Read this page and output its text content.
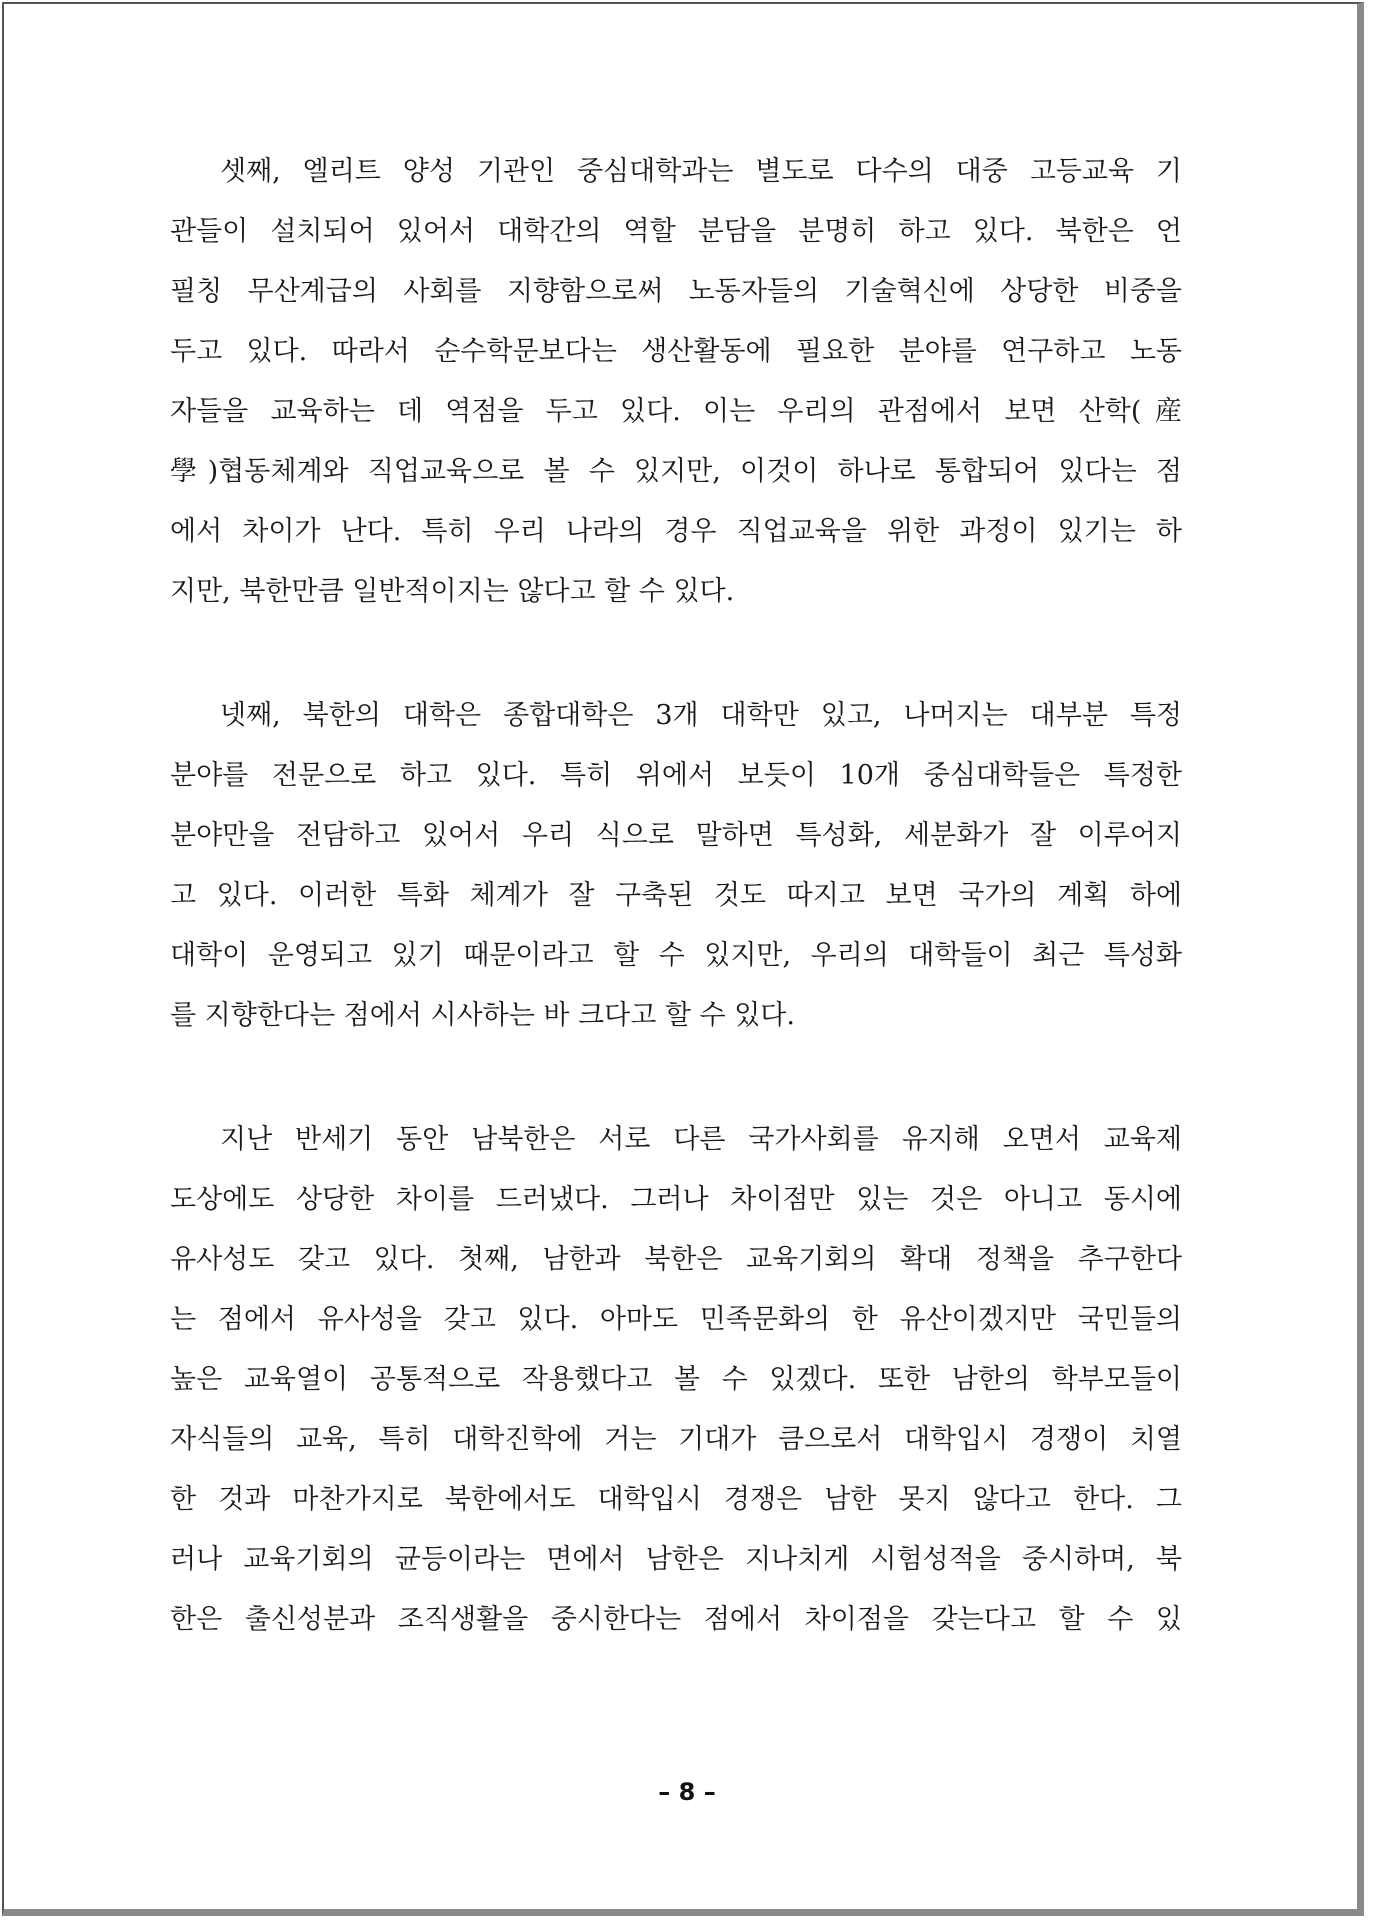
셋째, 엘리트 양성 기관인 중심대학과는 별도로 다수의 대중 고등교육 기
관들이 설치되어 있어서 대학간의 역할 분담을 분명히 하고 있다. 북한은 언
필칭 무산계급의 사회를 지향함으로써 노동자들의 기술혁신에 상당한 비중을
두고 있다. 따라서 순수학문보다는 생산활동에 필요한 분야를 연구하고 노동
자들을 교육하는 데 역점을 두고 있다. 이는 우리의 관점에서 보면 산학(産
學)협동체계와 직업교육으로 볼 수 있지만, 이것이 하나로 통합되어 있다는 점
에서 차이가 난다. 특히 우리 나라의 경우 직업교육을 위한 과정이 있기는 하
지만, 북한만큼 일반적이지는 않다고 할 수 있다.
넷째, 북한의 대학은 종합대학은 3개 대학만 있고, 나머지는 대부분 특정
분야를 전문으로 하고 있다. 특히 위에서 보듯이 10개 중심대학들은 특정한
분야만을 전담하고 있어서 우리 식으로 말하면 특성화, 세분화가 잘 이루어지
고 있다. 이러한 특화 체계가 잘 구축된 것도 따지고 보면 국가의 계획 하에
대학이 운영되고 있기 때문이라고 할 수 있지만, 우리의 대학들이 최근 특성화
를 지향한다는 점에서 시사하는 바 크다고 할 수 있다.
지난 반세기 동안 남북한은 서로 다른 국가사회를 유지해 오면서 교육제
도상에도 상당한 차이를 드러냈다. 그러나 차이점만 있는 것은 아니고 동시에
유사성도 갖고 있다. 첫째, 남한과 북한은 교육기회의 확대 정책을 추구한다
는 점에서 유사성을 갖고 있다. 아마도 민족문화의 한 유산이겠지만 국민들의
높은 교육열이 공통적으로 작용했다고 볼 수 있겠다. 또한 남한의 학부모들이
자식들의 교육, 특히 대학진학에 거는 기대가 큼으로서 대학입시 경쟁이 치열
한 것과 마찬가지로 북한에서도 대학입시 경쟁은 남한 못지 않다고 한다. 그
러나 교육기회의 균등이라는 면에서 남한은 지나치게 시험성적을 중시하며, 북
한은 출신성분과 조직생활을 중시한다는 점에서 차이점을 갖는다고 할 수 있
– 8 –
